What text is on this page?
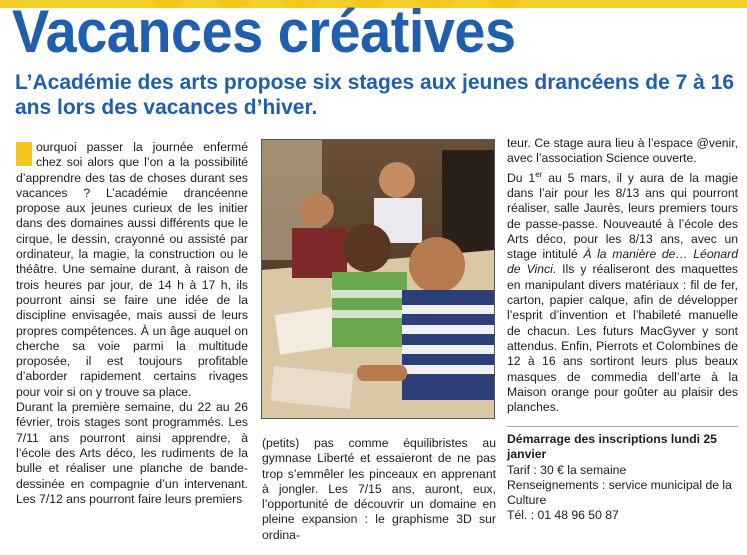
Vacances créatives

L’Académie des arts propose six stages aux jeunes drancéens de 7 à 16 ans lors des vacances d’hiver.

P ourquoi passer la journée enfermé chez soi alors que l’on a la possibilité d’apprendre des tas de choses durant ses vacances ? L’académie drancéenne propose aux jeunes curieux de les initier dans des domaines aussi différents que le cirque, le dessin, crayonné ou assisté par ordinateur, la magie, la construction ou le théâtre. Une semaine durant, à raison de trois heures par jour, de 14 h à 17 h, ils pourront ainsi se faire une idée de la discipline envisagée, mais aussi de leurs propres compétences. À un âge auquel on cherche sa voie parmi la multitude proposée, il est toujours profitable d’aborder rapidement certains rivages pour voir si on y trouve sa place.

Durant la première semaine, du 22 au 26 février, trois stages sont programmés. Les 7/11 ans pourront ainsi apprendre, à l’école des Arts déco, les rudiments de la bulle et réaliser une planche de bande-dessinée en compagnie d’un intervenant. Les 7/12 ans pourront faire leurs premiers

(petits) pas comme équilibristes au gymnase Liberté et essaieront de ne pas trop s’emmêler les pinceaux en apprenant à jongler. Les 7/15 ans, auront, eux, l’opportunité de découvrir un domaine en pleine expansion : le graphisme 3D sur ordina-

teur. Ce stage aura lieu à l’espace @venir, avec l’association Science ouverte.

Du 1er au 5 mars, il y aura de la magie dans l’air pour les 8/13 ans qui pourront réaliser, salle Jaurès, leurs premiers tours de passe-passe. Nouveauté à l’école des Arts déco, pour les 8/13 ans, avec un stage intitulé À la manière de… Léonard de Vinci. Ils y réaliseront des maquettes en manipulant divers matériaux : fil de fer, carton, papier calque, afin de développer l’esprit d’invention et l’habileté manuelle de chacun. Les futurs MacGyver y sont attendus. Enfin, Pierrots et Colombines de 12 à 16 ans sortiront leurs plus beaux masques de commedia dell’arte à la Maison orange pour goûter au plaisir des planches.

Démarrage des inscriptions lundi 25 janvier

Tarif : 30 € la semaine

Renseignements : service municipal de la Culture

Tél. : 01 48 96 50 87
